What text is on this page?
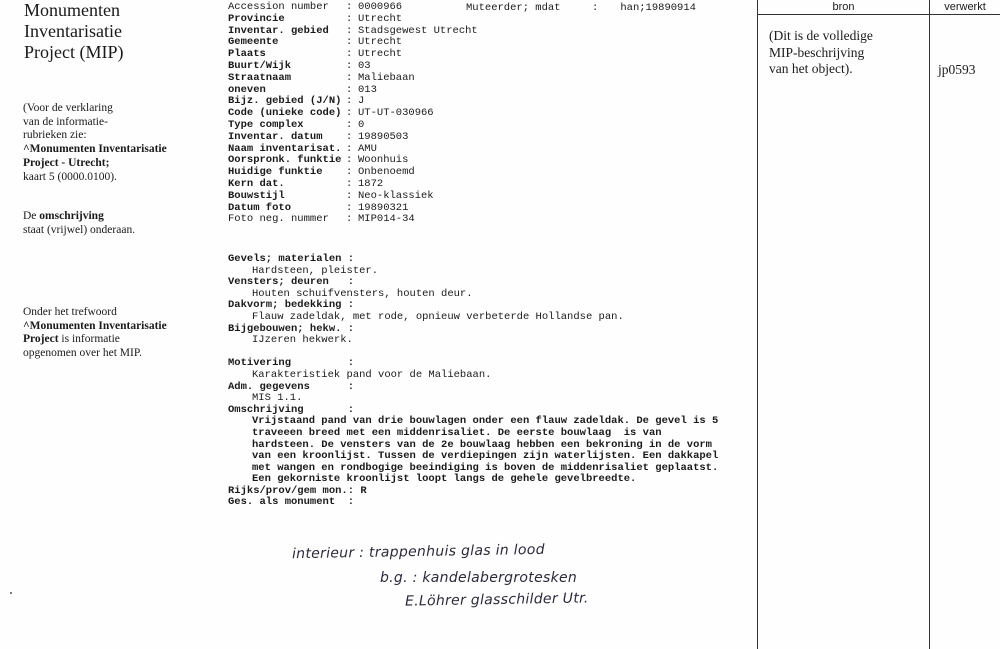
Monumenten
Inventarisatie
Project (MIP)
(Voor de verklaring
van de informatie-
rubrieken zie:
^Monumenten Inventarisatie
Project - Utrecht;
kaart 5 (0000.0100).
De omschrijving
staat (vrijwel) onderaan.
Onder het trefwoord
^Monumenten Inventarisatie
Project is informatie
opgenomen over het MIP.
Muteerder; mdat	: han;19890914
Accession number : 0000966
Provincie	: Utrecht
Inventar. gebied : Stadsgewest Utrecht
Gemeente	: Utrecht
Plaats	: Utrecht
Buurt/Wijk	: 03
Straatnaam	: Maliebaan
oneven	: 013
Bijz. gebied (J/N) : J
Code (unieke code) : UT-UT-030966
Type complex	: 0
Inventar. datum : 19890503
Naam inventarisat. : AMU
Oorspronk. funktie : Woonhuis
Huidige funktie : Onbenoemd
Kern dat.	: 1872
Bouwstijl	: Neo-klassiek
Datum foto	: 19890321
Foto neg. nummer : MIP014-34
Gevels; materialen :
Hardsteen, pleister.
Vensters; deuren   :
Houten schuifvensters, houten deur.
Dakvorm; bedekking :
Flauw zadeldak, met rode, opnieuw verbeterde Hollandse pan.
Bijgebouwen; hekw. :
IJzeren hekwerk.
Motivering         :
Karakteristiek pand voor de Maliebaan.
Adm. gegevens      :
MIS 1.1.
Omschrijving       :
Vrijstaand pand van drie bouwlagen onder een flauw zadeldak. De gevel is 5
traveeen breed met een middenrisaliet. De eerste bouwlaag  is van
hardsteen. De vensters van de 2e bouwlaag hebben een bekroning in de vorm
van een kroonlijst. Tussen de verdiepingen zijn waterlijsten. Een dakkapel
met wangen en rondbogige beeindiging is boven de middenrisaliet geplaatst.
Een gekorniste kroonlijst loopt langs de gehele gevelbreedte.
Rijks/prov/gem mon.: R
Ges. als monument  :
interieur : trappenhuis glas in lood
b.g. : kandelabergrotesken
E.Löhrer glasschilder Utr.
bron	verwerkt
(Dit is de volledige
MIP-beschrijving
van het object).	jp0593
